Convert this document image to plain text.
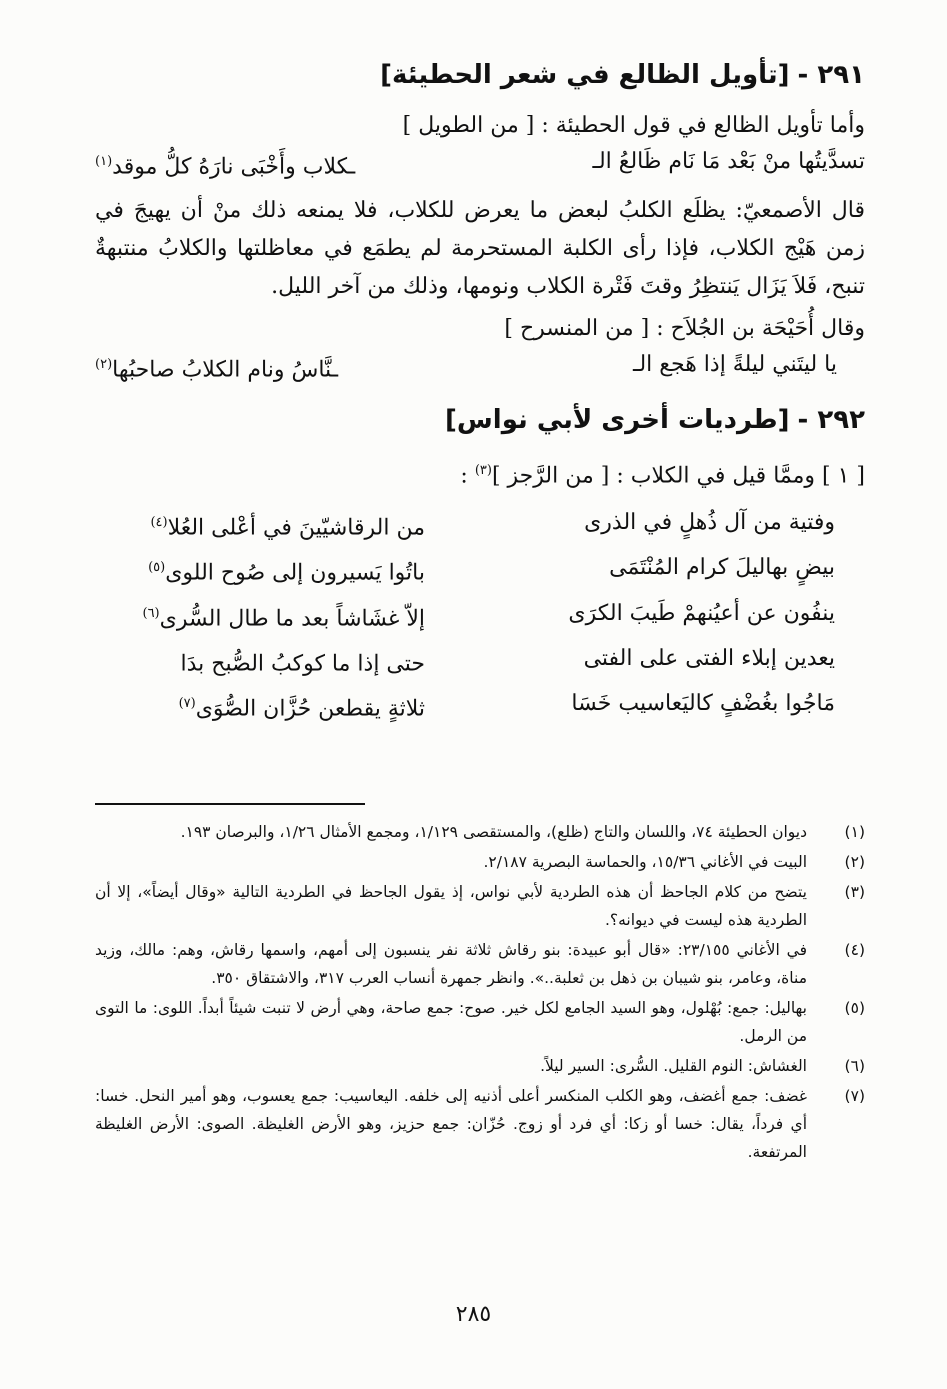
٢٩١ -
[تأويل الظالع في شعر الحطيئة]

وأما تأويل الظالع في قول الحطيئة : [ من الطويل ]

تسدَّيتُها منْ بَعْد مَا نَام ظَالعُ الـ
ـكلاب وأَخْبَى نارَهُ كلُّ موقد$^{(١)}$

قال الأصمعيّ: يظلَع الكلبُ لبعض ما يعرض للكلاب، فلا يمنعه ذلك منْ أن يهيجَ في زمن هَيْج الكلاب، فإذا رأى الكلبة المستحرمة لم يطمَع في معاظلتها والكلابُ منتبهةٌ تنبح، فَلاَ يَزَال يَنتظِرُ وقتَ فَتْرة الكلاب ونومها، وذلك من آخر الليل.

وقال أُحَيْحَة بن الجُلاَح : [ من المنسرح ]

يا ليتَني ليلةً إذا هَجع الـ
ـنَّاسُ ونام الكلابُ صاحبُها$^{(٢)}$
٢٩٢ -
[طرديات أخرى لأبي نواس]

[ ١ ] وممَّا قيل في الكلاب : [ من الرَّجز ]$^{(٣)}$ :

وفتية من آل ذُهلٍ في الذرى
من الرقاشيّينَ في أعْلى العُلا$^{(٤)}$
بيضٍ بهاليلَ كرام المُنْتَمَى
باتُوا يَسيرون إلى صُوح اللوى$^{(٥)}$
ينفُون عن أعيُنهمْ طَيبَ الكرَى
إلاّ غشَاشاً بعد ما طال السُّرى$^{(٦)}$
يعدين إبلاء الفتى على الفتى
حتى إذا ما كوكبُ الصُّبح بدَا
مَاجُوا بغُضْفٍ كاليَعاسيب خَسَا
ثلاثةٍ يقطعن حُزَّان الصُّوَى$^{(٧)}$
(١)
ديوان الحطيئة ٧٤، واللسان والتاج (ظلع)، والمستقصى ١/١٢٩، ومجمع الأمثال ١/٢٦، والبرصان ١٩٣.
(٢)
البيت في الأغاني ١٥/٣٦، والحماسة البصرية ٢/١٨٧.
(٣)
يتضح من كلام الجاحظ أن هذه الطردية لأبي نواس، إذ يقول الجاحظ في الطردية التالية «وقال أيضاً»، إلا أن الطردية هذه ليست في ديوانه؟.
(٤)
في الأغاني ٢٣/١٥٥: «قال أبو عبيدة: بنو رقاش ثلاثة نفر ينسبون إلى أمهم، واسمها رقاش، وهم: مالك، وزيد مناة، وعامر، بنو شيبان بن ذهل بن ثعلبة..». وانظر جمهرة أنساب العرب ٣١٧، والاشتقاق ٣٥٠.
(٥)
بهاليل: جمع: بُهْلول، وهو السيد الجامع لكل خير. صوح: جمع صاحة، وهي أرض لا تنبت شيئاً أبداً. اللوى: ما التوى من الرمل.
(٦)
الغشاش: النوم القليل. السُّرى: السير ليلاً.
(٧)
غضف: جمع أغضف، وهو الكلب المنكسر أعلى أذنيه إلى خلفه. اليعاسيب: جمع يعسوب، وهو أمير النحل. خسا: أي فرداً، يقال: خسا أو زكا: أي فرد أو زوج. حُزّان: جمع حزيز، وهو الأرض الغليظة. الصوى: الأرض الغليظة المرتفعة.
٢٨٥
